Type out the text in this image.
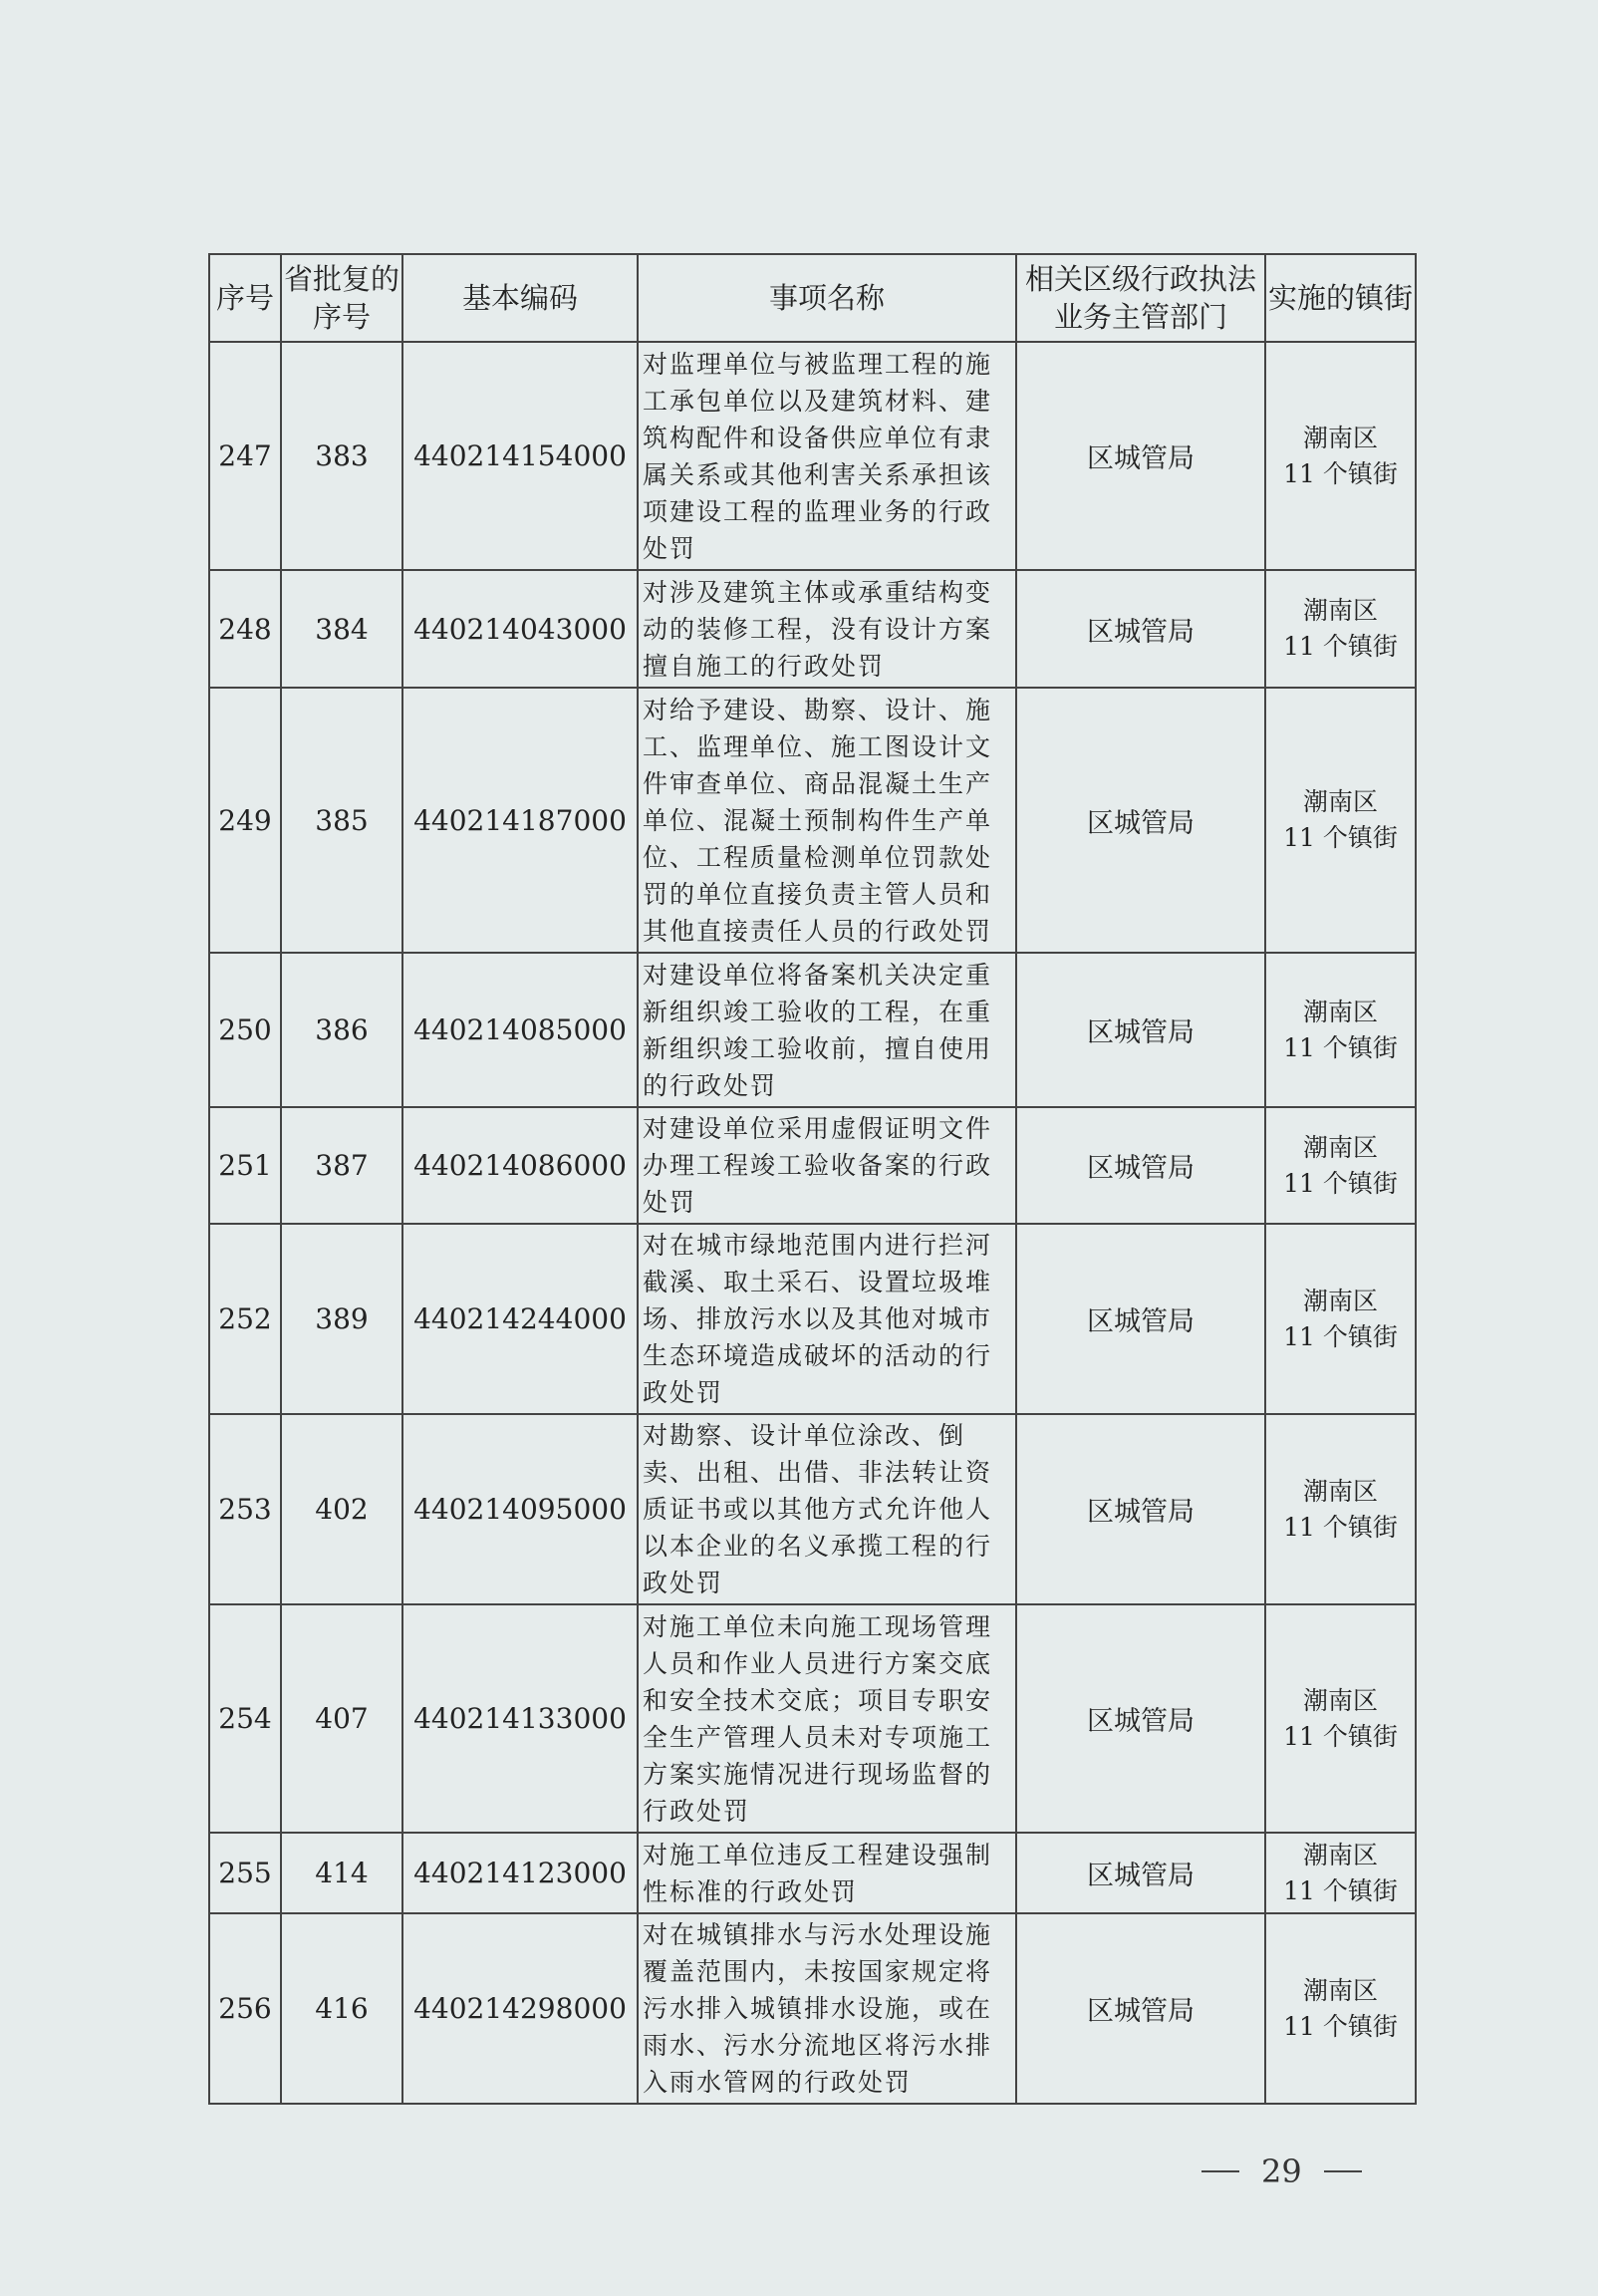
序号	省批复的序号	基本编码	事项名称	相关区级行政执法业务主管部门	实施的镇街
247	383	440214154000	对监理单位与被监理工程的施工承包单位以及建筑材料、建筑构配件和设备供应单位有隶属关系或其他利害关系承担该项建设工程的监理业务的行政处罚	区城管局	潮南区
11 个镇街

248	384	440214043000	对涉及建筑主体或承重结构变动的装修工程，没有设计方案擅自施工的行政处罚	区城管局	潮南区
11 个镇街

249	385	440214187000	对给予建设、勘察、设计、施工、监理单位、施工图设计文件审查单位、商品混凝土生产单位、混凝土预制构件生产单位、工程质量检测单位罚款处罚的单位直接负责主管人员和其他直接责任人员的行政处罚	区城管局	潮南区
11 个镇街

250	386	440214085000	对建设单位将备案机关决定重新组织竣工验收的工程，在重新组织竣工验收前，擅自使用的行政处罚	区城管局	潮南区
11 个镇街

251	387	440214086000	对建设单位采用虚假证明文件办理工程竣工验收备案的行政处罚	区城管局	潮南区
11 个镇街

252	389	440214244000	对在城市绿地范围内进行拦河截溪、取土采石、设置垃圾堆场、排放污水以及其他对城市生态环境造成破坏的活动的行政处罚	区城管局	潮南区
11 个镇街

253	402	440214095000	对勘察、设计单位涂改、倒卖、出租、出借、非法转让资质证书或以其他方式允许他人以本企业的名义承揽工程的行政处罚	区城管局	潮南区
11 个镇街

254	407	440214133000	对施工单位未向施工现场管理人员和作业人员进行方案交底和安全技术交底；项目专职安全生产管理人员未对专项施工方案实施情况进行现场监督的行政处罚	区城管局	潮南区
11 个镇街

255	414	440214123000	对施工单位违反工程建设强制性标准的行政处罚	区城管局	潮南区
11 个镇街

256	416	440214298000	对在城镇排水与污水处理设施覆盖范围内，未按国家规定将污水排入城镇排水设施，或在雨水、污水分流地区将污水排入雨水管网的行政处罚	区城管局	潮南区
11 个镇街
29
